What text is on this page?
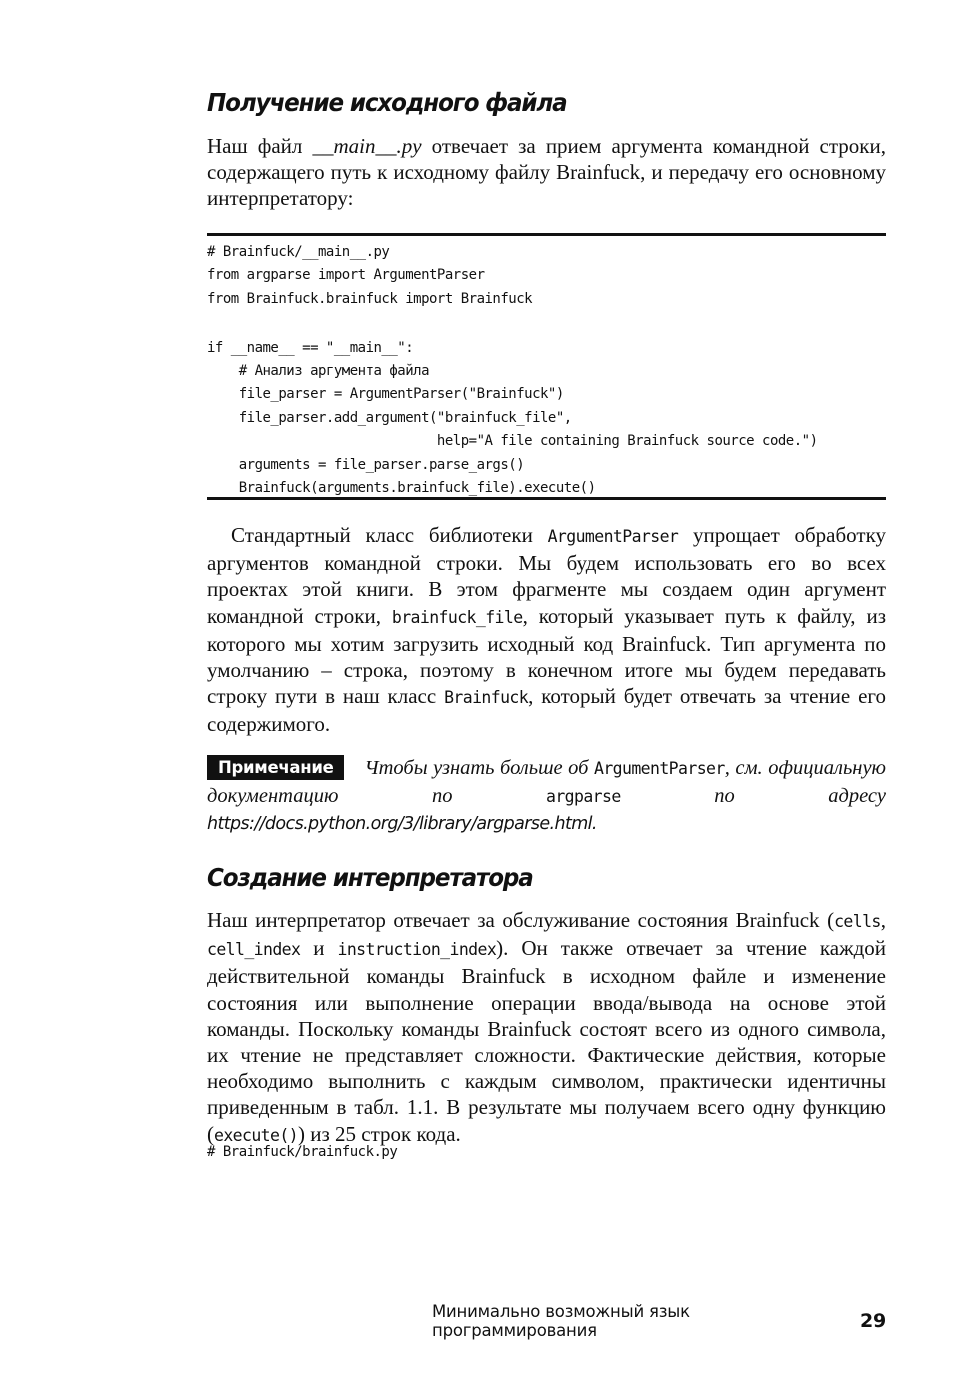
Получение исходного файла
Наш файл __main__.py отвечает за прием аргумента командной строки, содержащего путь к исходному файлу Brainfuck, и передачу его основному интерпретатору:
# Brainfuck/__main__.py
from argparse import ArgumentParser
from Brainfuck.brainfuck import Brainfuck

if __name__ == "__main__":
# Анализ аргумента файла
file_parser = ArgumentParser("Brainfuck")
file_parser.add_argument("brainfuck_file",
help="A file containing Brainfuck source code.")
arguments = file_parser.parse_args()
Brainfuck(arguments.brainfuck_file).execute()
Стандартный класс библиотеки ArgumentParser упрощает обработку аргументов командной строки. Мы будем использовать его во всех проектах этой книги. В этом фрагменте мы создаем один аргумент командной строки, brainfuck_file, который указывает путь к файлу, из которого мы хотим загрузить исходный код Brainfuck. Тип аргумента по умолчанию – строка, поэтому в конечном итоге мы будем передавать строку пути в наш класс Brainfuck, который будет отвечать за чтение его содержимого.
Примечание Чтобы узнать больше об ArgumentParser, см. официальную документацию по argparse по адресу https://docs.python.org/3/library/argparse.html.
Создание интерпретатора
Наш интерпретатор отвечает за обслуживание состояния Brainfuck (cells, cell_index и instruction_index). Он также отвечает за чтение каждой действительной команды Brainfuck в исходном файле и изменение состояния или выполнение операции ввода/вывода на основе этой команды. Поскольку команды Brainfuck состоят всего из одного символа, их чтение не представляет сложности. Фактические действия, которые необходимо выполнить с каждым символом, практически идентичны приведенным в табл. 1.1. В результате мы получаем всего одну функцию (execute()) из 25 строк кода.
# Brainfuck/brainfuck.py
Минимально возможный язык программирования	29
